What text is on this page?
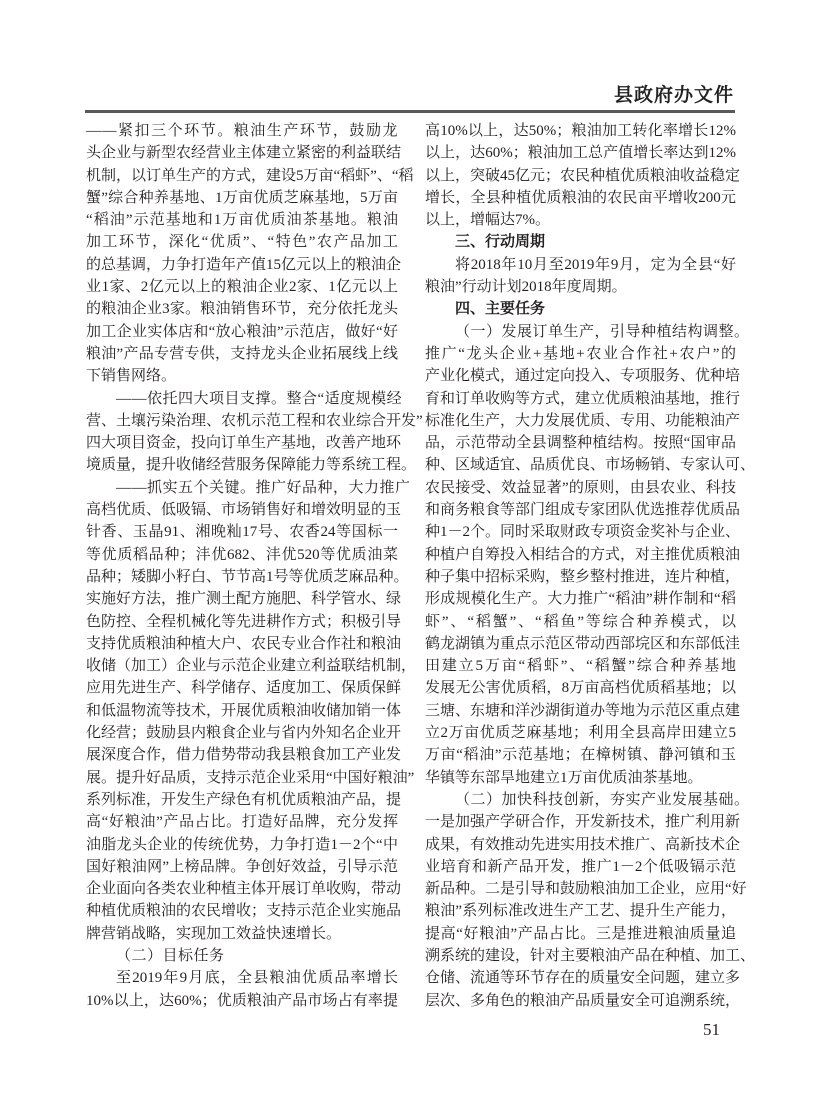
县政府办文件
——紧扣三个环节。粮油生产环节，鼓励龙
头企业与新型农经营业主体建立紧密的利益联结
机制，以订单生产的方式，建设5万亩“稻虾”、“稻
蟹”综合种养基地、1万亩优质芝麻基地，5万亩
“稻油”示范基地和1万亩优质油茶基地。粮油
加工环节，深化“优质”、“特色”农产品加工
的总基调，力争打造年产值15亿元以上的粮油企
业1家、2亿元以上的粮油企业2家、1亿元以上
的粮油企业3家。粮油销售环节，充分依托龙头
加工企业实体店和“放心粮油”示范店，做好“好
粮油”产品专营专供，支持龙头企业拓展线上线
下销售网络。
——依托四大项目支撑。整合“适度规模经
营、土壤污染治理、农机示范工程和农业综合开发”
四大项目资金，投向订单生产基地，改善产地环
境质量，提升收储经营服务保障能力等系统工程。
——抓实五个关键。推广好品种，大力推广
高档优质、低吸镉、市场销售好和增效明显的玉
针香、玉晶91、湘晚籼17号、农香24等国标一
等优质稻品种；沣优682、沣优520等优质油菜
品种；矮脚小籽白、节节高1号等优质芝麻品种。
实施好方法，推广测土配方施肥、科学管水、绿
色防控、全程机械化等先进耕作方式；积极引导
支持优质粮油种植大户、农民专业合作社和粮油
收储（加工）企业与示范企业建立利益联结机制，
应用先进生产、科学储存、适度加工、保质保鲜
和低温物流等技术，开展优质粮油收储加销一体
化经营；鼓励县内粮食企业与省内外知名企业开
展深度合作，借力借势带动我县粮食加工产业发
展。提升好品质，支持示范企业采用“中国好粮油”
系列标准，开发生产绿色有机优质粮油产品，提
高“好粮油”产品占比。打造好品牌，充分发挥
油脂龙头企业的传统优势，力争打造1－2个“中
国好粮油网”上榜品牌。争创好效益，引导示范
企业面向各类农业种植主体开展订单收购，带动
种植优质粮油的农民增收；支持示范企业实施品
牌营销战略，实现加工效益快速增长。
（二）目标任务
至2019年9月底，全县粮油优质品率增长
10%以上，达60%；优质粮油产品市场占有率提
高10%以上，达50%；粮油加工转化率增长12%
以上，达60%；粮油加工总产值增长率达到12%
以上，突破45亿元；农民种植优质粮油收益稳定
增长，全县种植优质粮油的农民亩平增收200元
以上，增幅达7%。
三、行动周期
将2018年10月至2019年9月，定为全县“好
粮油”行动计划2018年度周期。
四、主要任务
（一）发展订单生产，引导种植结构调整。
推广“龙头企业+基地+农业合作社+农户”的
产业化模式，通过定向投入、专项服务、优种培
育和订单收购等方式，建立优质粮油基地，推行
标准化生产，大力发展优质、专用、功能粮油产
品，示范带动全县调整种植结构。按照“国审品
种、区域适宜、品质优良、市场畅销、专家认可、
农民接受、效益显著”的原则，由县农业、科技
和商务粮食等部门组成专家团队优选推荐优质品
种1－2个。同时采取财政专项资金奖补与企业、
种植户自筹投入相结合的方式，对主推优质粮油
种子集中招标采购，整乡整村推进，连片种植，
形成规模化生产。大力推广“稻油”耕作制和“稻
虾”、“稻蟹”、“稻鱼”等综合种养模式，以
鹤龙湖镇为重点示范区带动西部垸区和东部低洼
田建立5万亩“稻虾”、“稻蟹”综合种养基地
发展无公害优质稻，8万亩高档优质稻基地；以
三塘、东塘和洋沙湖街道办等地为示范区重点建
立2万亩优质芝麻基地；利用全县高岸田建立5
万亩“稻油”示范基地；在樟树镇、静河镇和玉
华镇等东部旱地建立1万亩优质油茶基地。
（二）加快科技创新，夯实产业发展基础。
一是加强产学研合作，开发新技术，推广利用新
成果，有效推动先进实用技术推广、高新技术企
业培育和新产品开发，推广1－2个低吸镉示范
新品种。二是引导和鼓励粮油加工企业，应用“好
粮油”系列标准改进生产工艺、提升生产能力，
提高“好粮油”产品占比。三是推进粮油质量追
溯系统的建设，针对主要粮油产品在种植、加工、
仓储、流通等环节存在的质量安全问题，建立多
层次、多角色的粮油产品质量安全可追溯系统，
51
